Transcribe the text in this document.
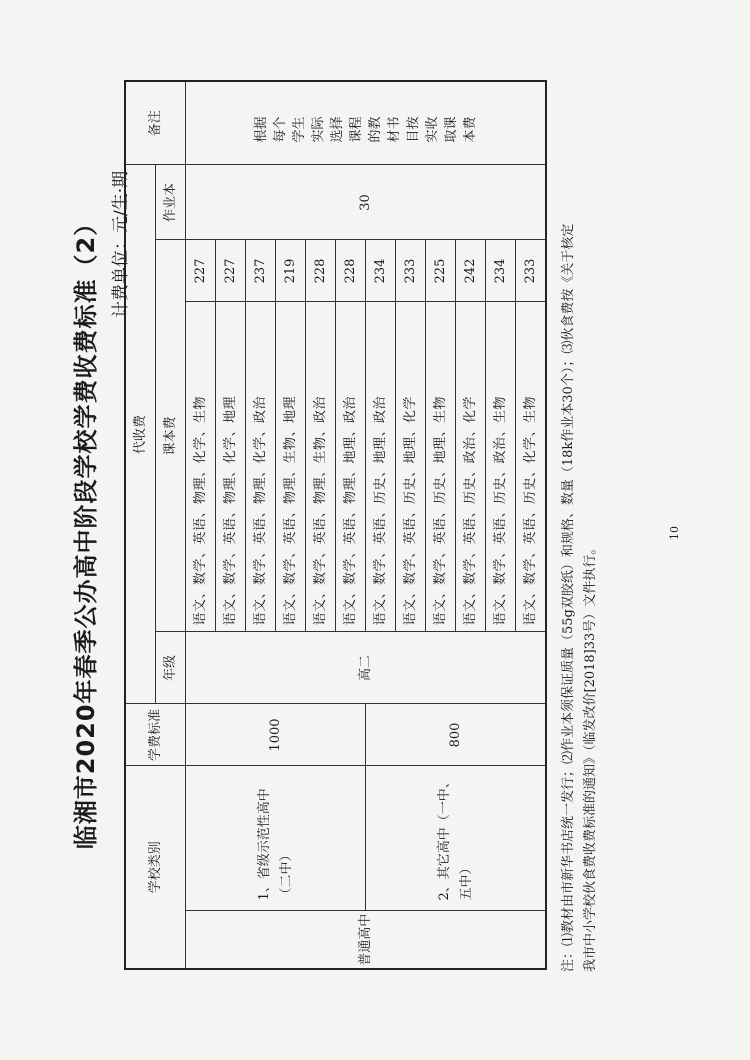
临湘市2020年春季公办高中阶段学校学费收费标准（2） 计费单位：元/生·期
学校类别		学费标准	代收费				备注
			年级	课本费		作业本	
普通高中	1、省级示范性高中（二中）	1000	高二	语文、数学、英语、物理、化学、生物	227	30	根据每个学生实际选择课程的教材书目按实收取课本费
				语文、数学、英语、物理、化学、地理	227		
				语文、数学、英语、物理、化学、政治	237		
				语文、数学、英语、物理、生物、地理	219		
				语文、数学、英语、物理、生物、政治	228		
				语文、数学、英语、物理、地理、政治	228		
	2、其它高中（一中、五中）	800		语文、数学、英语、历史、地理、政治	234		
				语文、数学、英语、历史、地理、化学	233		
				语文、数学、英语、历史、地理、生物	225		
				语文、数学、英语、历史、政治、化学	242		
				语文、数学、英语、历史、政治、生物	234		
				语文、数学、英语、历史、化学、生物	233		注：⑴教材由市新华书店统一发行；⑵作业本须保证质量（55g双胶纸）和规格、数量（18k作业本30个）；⑶伙食费按《关于核定 我市中小学校伙食费收费标准的通知》（临发改价[2018]33号）文件执行。
10
